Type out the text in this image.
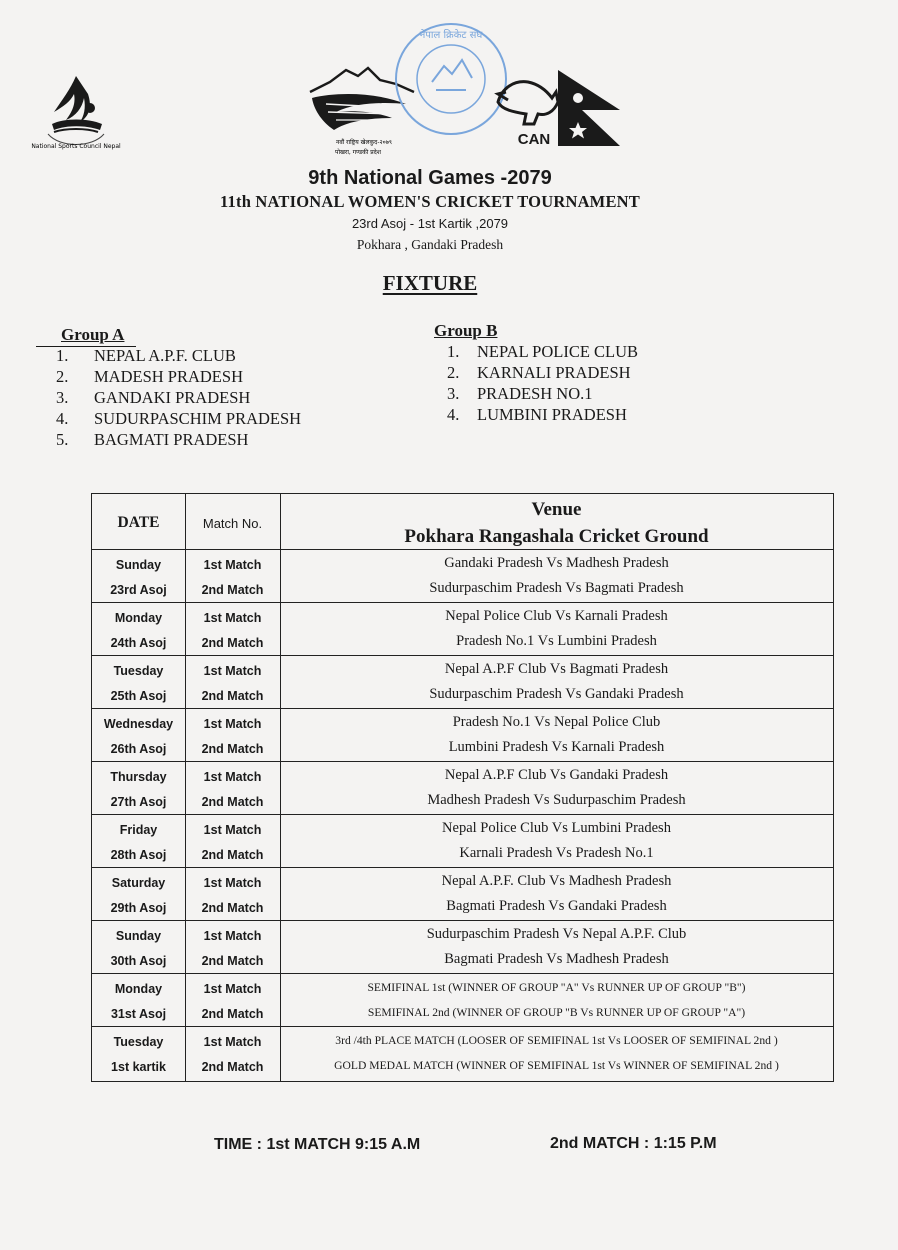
National Sports Council Nepal
नवौं राष्ट्रिय खेलकुद-२०७९
पोखरा, गण्डकी प्रदेश
नेपाल क्रिकेट संघ
CAN
9th National Games -2079
11th NATIONAL WOMEN'S CRICKET TOURNAMENT
23rd Asoj - 1st Kartik ,2079
Pokhara , Gandaki Pradesh
FIXTURE
Group A
1. NEPAL A.P.F. CLUB
2. MADESH PRADESH
3. GANDAKI PRADESH
4. SUDURPASCHIM PRADESH
5. BAGMATI PRADESH
Group B
1. NEPAL POLICE CLUB
2. KARNALI PRADESH
3. PRADESH NO.1
4. LUMBINI PRADESH
DATE	Match No.
Venue
Pokhara Rangashala Cricket Ground
Sunday
23rd Asoj
1st Match
2nd Match
Gandaki Pradesh Vs Madhesh Pradesh
Sudurpaschim Pradesh Vs Bagmati Pradesh
Monday
24th Asoj
1st Match
2nd Match
Nepal Police Club Vs Karnali Pradesh
Pradesh No.1 Vs Lumbini Pradesh
Tuesday
25th Asoj
1st Match
2nd Match
Nepal A.P.F Club Vs Bagmati Pradesh
Sudurpaschim Pradesh Vs Gandaki Pradesh
Wednesday
26th Asoj
1st Match
2nd Match
Pradesh No.1 Vs Nepal Police Club
Lumbini Pradesh Vs Karnali Pradesh
Thursday
27th Asoj
1st Match
2nd Match
Nepal A.P.F Club Vs Gandaki Pradesh
Madhesh Pradesh Vs Sudurpaschim Pradesh
Friday
28th Asoj
1st Match
2nd Match
Nepal Police Club Vs Lumbini Pradesh
Karnali Pradesh Vs Pradesh No.1
Saturday
29th Asoj
1st Match
2nd Match
Nepal A.P.F. Club Vs Madhesh Pradesh
Bagmati Pradesh Vs Gandaki Pradesh
Sunday
30th Asoj
1st Match
2nd Match
Sudurpaschim Pradesh Vs Nepal A.P.F. Club
Bagmati Pradesh Vs Madhesh Pradesh
Monday
31st Asoj
1st Match
2nd Match
SEMIFINAL 1st (WINNER OF GROUP "A" Vs RUNNER UP OF GROUP "B")
SEMIFINAL 2nd (WINNER OF GROUP "B Vs RUNNER UP OF GROUP "A")
Tuesday
1st kartik
1st Match
2nd Match
3rd /4th PLACE MATCH (LOOSER OF SEMIFINAL 1st Vs LOOSER OF SEMIFINAL 2nd )
GOLD MEDAL MATCH (WINNER OF SEMIFINAL 1st Vs WINNER OF SEMIFINAL 2nd )
TIME : 1st MATCH 9:15 A.M	2nd MATCH : 1:15 P.M
